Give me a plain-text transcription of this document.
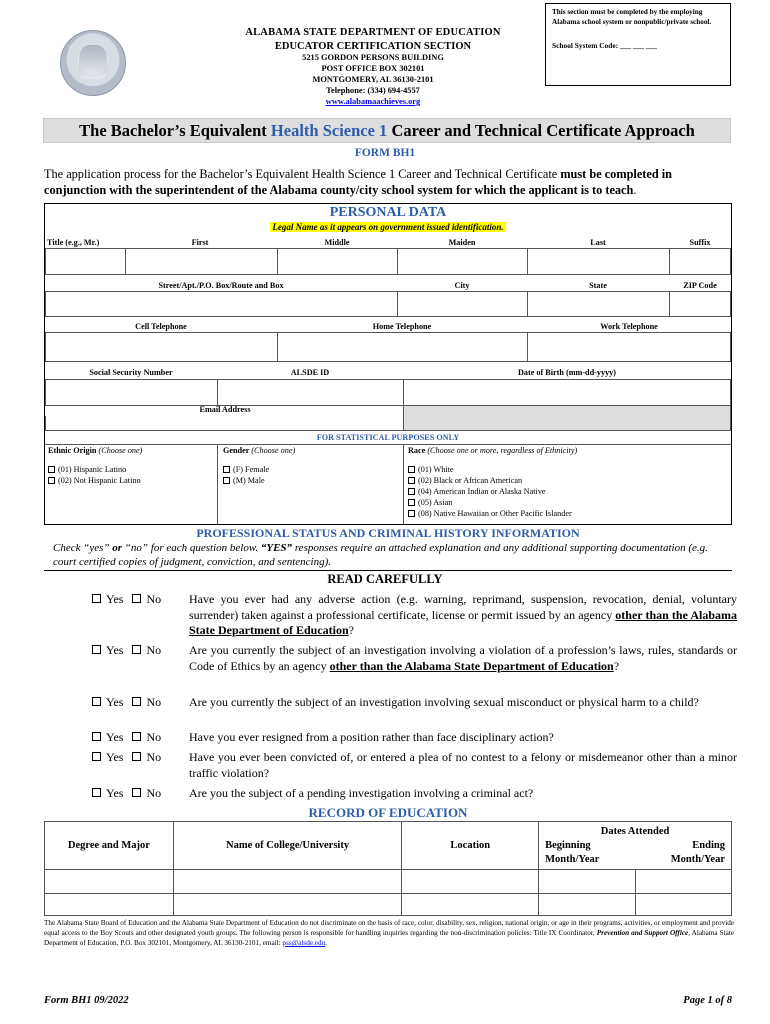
ALABAMA STATE DEPARTMENT OF EDUCATION
EDUCATOR CERTIFICATION SECTION
5215 GORDON PERSONS BUILDING
POST OFFICE BOX 302101
MONTGOMERY, AL 36130-2101
Telephone: (334) 694-4557
www.alabamaachieves.org
This section must be completed by the employing Alabama school system or nonpublic/private school.
School System Code: ___ ___ ___
The Bachelor’s Equivalent Health Science 1 Career and Technical Certificate Approach
FORM BH1
The application process for the Bachelor’s Equivalent Health Science 1 Career and Technical Certificate must be completed in conjunction with the superintendent of the Alabama county/city school system for which the applicant is to teach.
PERSONAL DATA
Legal Name as it appears on government issued identification.
Title (e.g., Mr.)	First	Middle	Maiden	Last	Suffix
Street/Apt./P.O. Box/Route and Box	City	State	ZIP Code
Cell Telephone	Home Telephone	Work Telephone
Social Security Number	ALSDE ID	Date of Birth (mm-dd-yyyy)
Email Address
FOR STATISTICAL PURPOSES ONLY
Ethnic Origin (Choose one)
(01) Hispanic Latino
(02) Not Hispanic Latino
Gender (Choose one)
(F) Female
(M) Male
Race (Choose one or more, regardless of Ethnicity)
(01) White
(02) Black or African American
(04) American Indian or Alaska Native
(05) Asian
(08) Native Hawaiian or Other Pacific Islander
PROFESSIONAL STATUS AND CRIMINAL HISTORY INFORMATION
Check “yes” or “no” for each question below. “YES” responses require an attached explanation and any additional supporting documentation (e.g. court certified copies of judgment, conviction, and sentencing).
READ CAREFULLY
Yes No	Have you ever had any adverse action (e.g. warning, reprimand, suspension, revocation, denial, voluntary surrender) taken against a professional certificate, license or permit issued by an agency other than the Alabama State Department of Education?
Yes No	Are you currently the subject of an investigation involving a violation of a profession’s laws, rules, standards or Code of Ethics by an agency other than the Alabama State Department of Education?
Yes No	Are you currently the subject of an investigation involving sexual misconduct or physical harm to a child?
Yes No	Have you ever resigned from a position rather than face disciplinary action?
Yes No	Have you ever been convicted of, or entered a plea of no contest to a felony or misdemeanor other than a minor traffic violation?
Yes No	Are you the subject of a pending investigation involving a criminal act?
RECORD OF EDUCATION
Degree and Major	Name of College/University	Location	Dates Attended
Beginning Ending
Month/Year Month/Year

The Alabama State Board of Education and the Alabama State Department of Education do not discriminate on the basis of race, color, disability, sex, religion, national origin, or age in their programs, activities, or employment and provide equal access to the Boy Scouts and other designated youth groups. The following person is responsible for handling inquiries regarding the non-discrimination policies: Title IX Coordinator, Prevention and Support Office, Alabama State Department of Education, P.O. Box 302101, Montgomery, AL 36130-2101, email: pss@alsde.edu.
Form BH1 09/2022	Page 1 of 8
